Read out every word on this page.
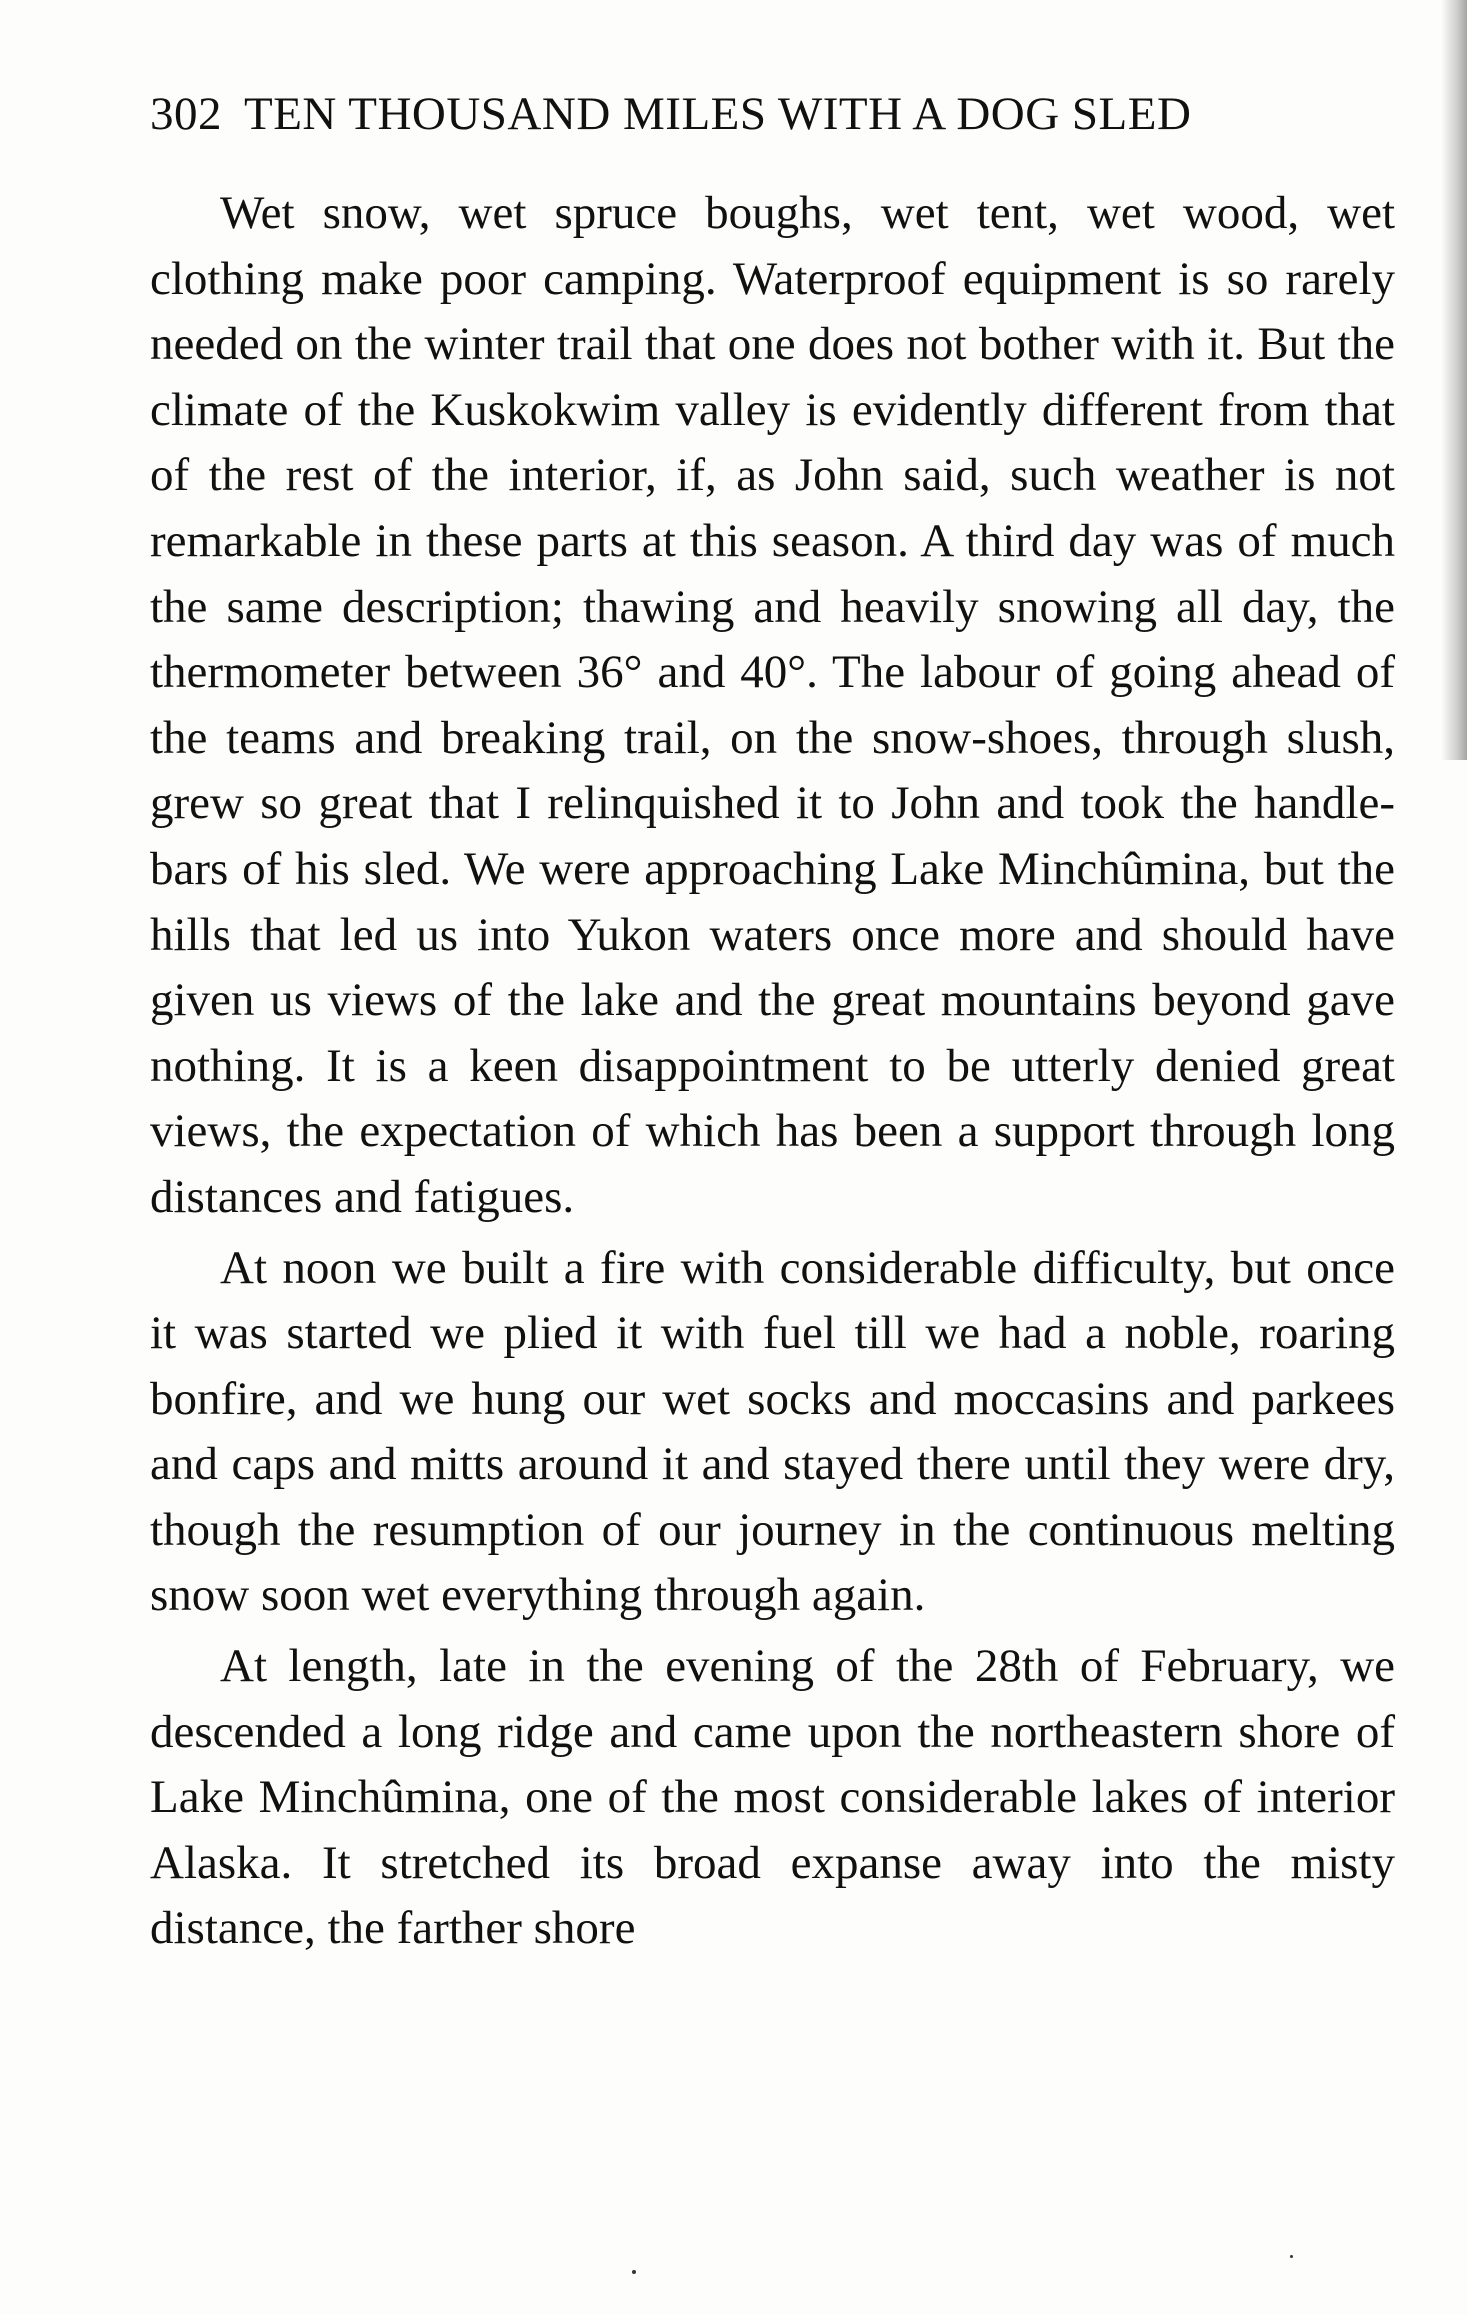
302 TEN THOUSAND MILES WITH A DOG SLED

Wet snow, wet spruce boughs, wet tent, wet wood, wet clothing make poor camping. Waterproof equipment is so rarely needed on the winter trail that one does not bother with it. But the climate of the Kuskokwim valley is evidently different from that of the rest of the interior, if, as John said, such weather is not remarkable in these parts at this season. A third day was of much the same description; thawing and heavily snowing all day, the thermometer between 36° and 40°. The labour of going ahead of the teams and breaking trail, on the snow-shoes, through slush, grew so great that I relinquished it to John and took the handle-bars of his sled. We were approaching Lake Minchûmina, but the hills that led us into Yukon waters once more and should have given us views of the lake and the great mountains beyond gave nothing. It is a keen disappointment to be utterly denied great views, the expectation of which has been a support through long distances and fatigues.

At noon we built a fire with considerable difficulty, but once it was started we plied it with fuel till we had a noble, roaring bonfire, and we hung our wet socks and moccasins and parkees and caps and mitts around it and stayed there until they were dry, though the resumption of our journey in the continuous melting snow soon wet everything through again.

At length, late in the evening of the 28th of February, we descended a long ridge and came upon the northeastern shore of Lake Minchûmina, one of the most considerable lakes of interior Alaska. It stretched its broad expanse away into the misty distance, the farther shore
